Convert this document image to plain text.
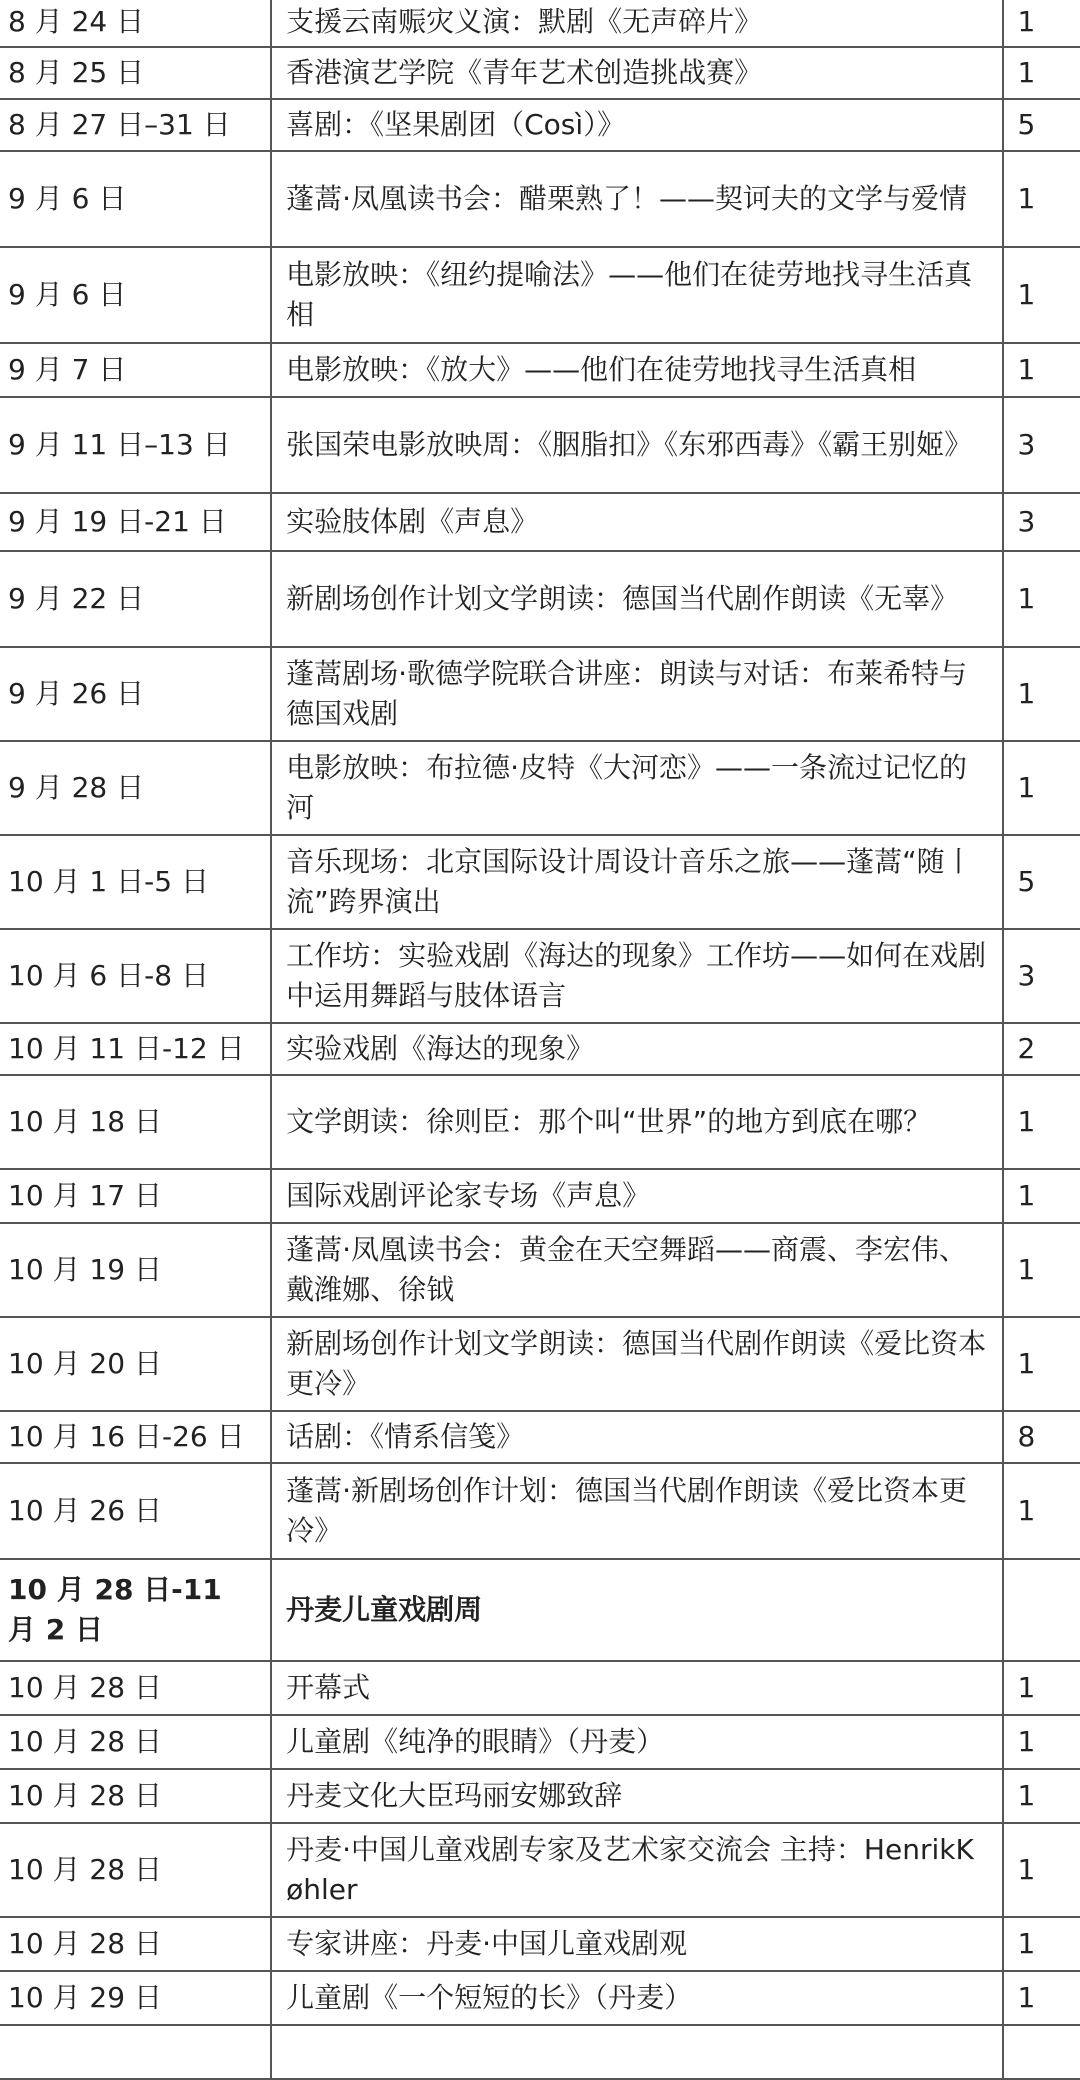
8 月 24 日	支援云南赈灾义演：默剧《无声碎片》	1
8 月 25 日	香港演艺学院《青年艺术创造挑战赛》	1
8 月 27 日–31 日	喜剧：《坚果剧团（Così）》	5
9 月 6 日	蓬蒿·凤凰读书会：醋栗熟了！——契诃夫的文学与爱情	1
9 月 6 日	电影放映：《纽约提喻法》——他们在徒劳地找寻生活真相	1
9 月 7 日	电影放映：《放大》——他们在徒劳地找寻生活真相	1
9 月 11 日–13 日	张国荣电影放映周：《胭脂扣》《东邪西毒》《霸王别姬》	3
9 月 19 日-21 日	实验肢体剧《声息》	3
9 月 22 日	新剧场创作计划文学朗读：德国当代剧作朗读《无辜》	1
9 月 26 日	蓬蒿剧场·歌德学院联合讲座：朗读与对话：布莱希特与德国戏剧	1
9 月 28 日	电影放映：布拉德·皮特《大河恋》——一条流过记忆的河	1
10 月 1 日-5 日	音乐现场：北京国际设计周设计音乐之旅——蓬蒿“随丨流”跨界演出	5
10 月 6 日-8 日	工作坊：实验戏剧《海达的现象》工作坊——如何在戏剧中运用舞蹈与肢体语言	3
10 月 11 日-12 日	实验戏剧《海达的现象》	2
10 月 18 日	文学朗读：徐则臣：那个叫“世界”的地方到底在哪？	1
10 月 17 日	国际戏剧评论家专场《声息》	1
10 月 19 日	蓬蒿·凤凰读书会：黄金在天空舞蹈——商震、李宏伟、戴潍娜、徐钺	1
10 月 20 日	新剧场创作计划文学朗读：德国当代剧作朗读《爱比资本更冷》	1
10 月 16 日-26 日	话剧：《情系信笺》	8
10 月 26 日	蓬蒿·新剧场创作计划：德国当代剧作朗读《爱比资本更冷》	1
10 月 28 日-11 月 2 日	丹麦儿童戏剧周	
10 月 28 日	开幕式	1
10 月 28 日	儿童剧《纯净的眼睛》（丹麦）	1
10 月 28 日	丹麦文化大臣玛丽安娜致辞	1
10 月 28 日	丹麦·中国儿童戏剧专家及艺术家交流会 主持：HenrikKøhler	1
10 月 28 日	专家讲座：丹麦·中国儿童戏剧观	1
10 月 29 日	儿童剧《一个短短的长》（丹麦）	1
